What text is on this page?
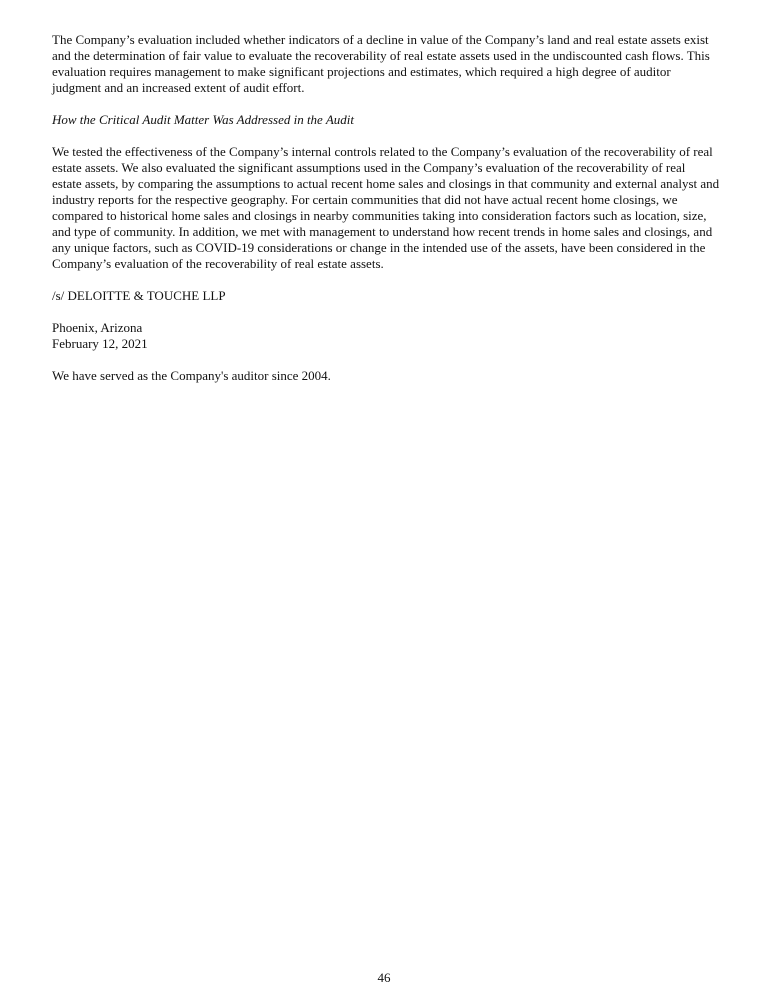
The Company’s evaluation included whether indicators of a decline in value of the Company’s land and real estate assets exist
and the determination of fair value to evaluate the recoverability of real estate assets used in the undiscounted cash flows. This
evaluation requires management to make significant projections and estimates, which required a high degree of auditor
judgment and an increased extent of audit effort.

How the Critical Audit Matter Was Addressed in the Audit

We tested the effectiveness of the Company’s internal controls related to the Company’s evaluation of the recoverability of real
estate assets. We also evaluated the significant assumptions used in the Company’s evaluation of the recoverability of real
estate assets, by comparing the assumptions to actual recent home sales and closings in that community and external analyst and
industry reports for the respective geography. For certain communities that did not have actual recent home closings, we
compared to historical home sales and closings in nearby communities taking into consideration factors such as location, size,
and type of community. In addition, we met with management to understand how recent trends in home sales and closings, and
any unique factors, such as COVID-19 considerations or change in the intended use of the assets, have been considered in the
Company’s evaluation of the recoverability of real estate assets.

/s/ DELOITTE & TOUCHE LLP

Phoenix, Arizona
February 12, 2021

We have served as the Company's auditor since 2004.

46
